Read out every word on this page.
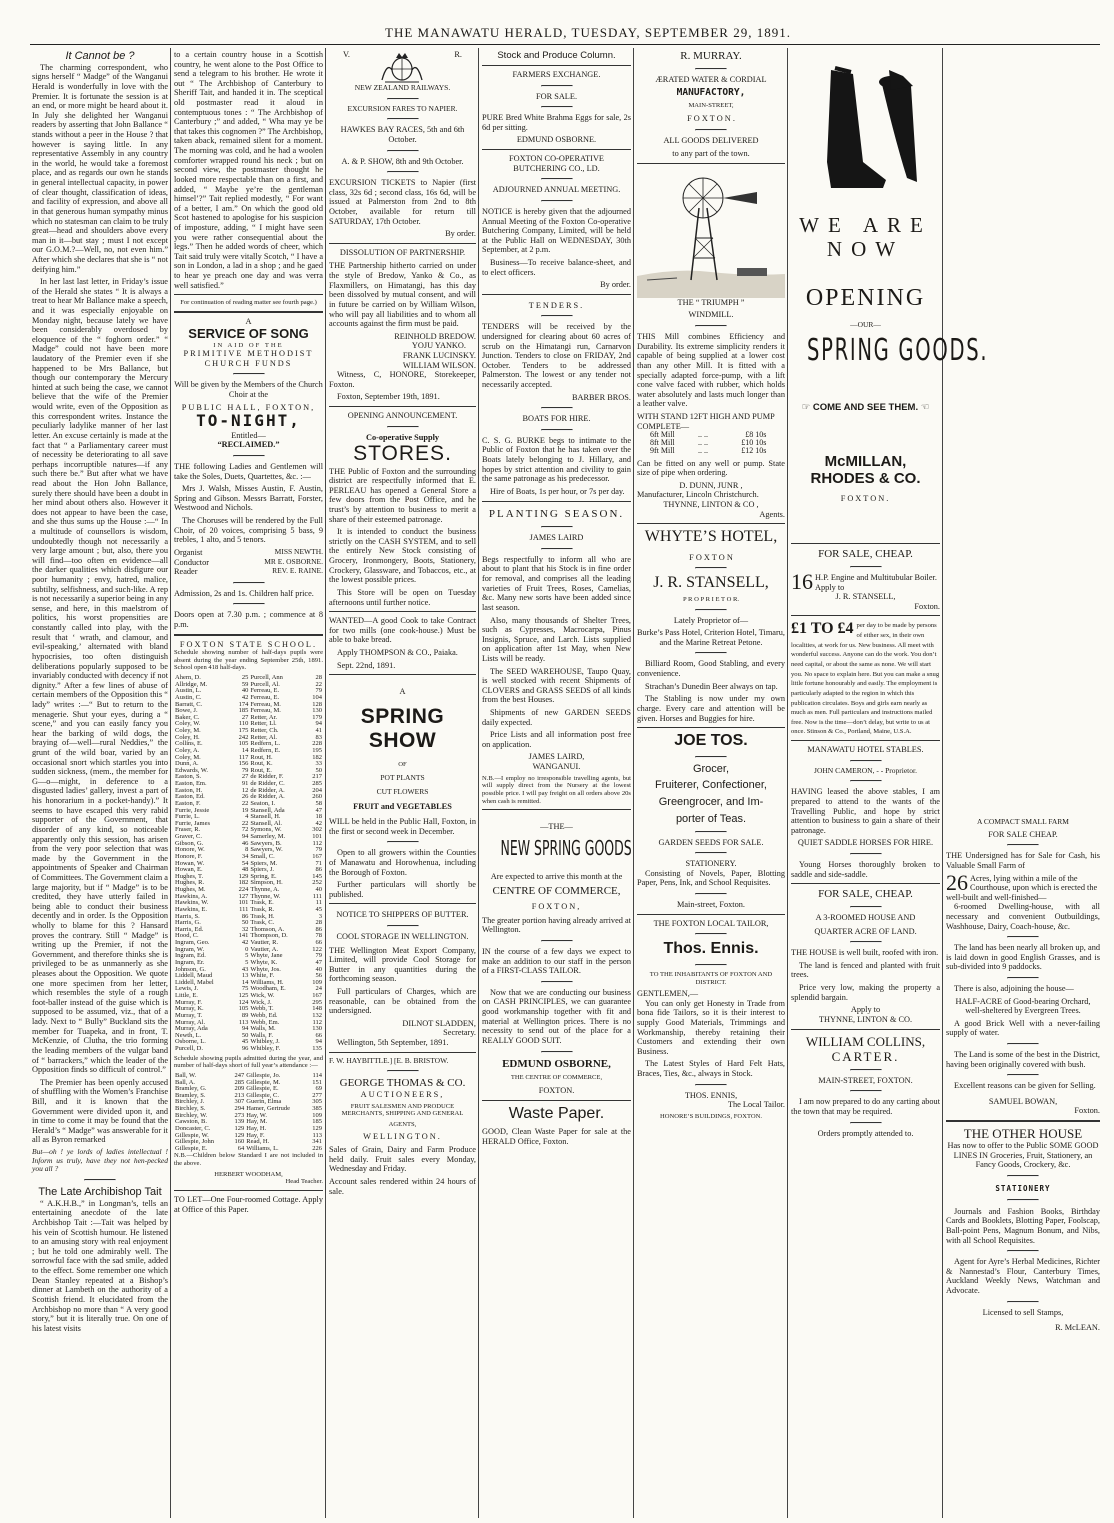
THE MANAWATU HERALD, TUESDAY, SEPTEMBER 29, 1891.
It Cannot be ?

The charming correspondent, who signs herself “ Madge” of the Wanganui Herald is wonderfully in love with the Premier. It is fortunate the session is at an end, or more might be heard about it. In July she delighted her Wanganui readers by asserting that John Ballance “ stands without a peer in the House ? that however is saying little. In any representative Assembly in any country in the world, he would take a foremost place, and as regards our own he stands in general intellectual capacity, in power of clear thought, classification of ideas, and facility of expression, and above all in that generous human sympathy minus which no statesman can claim to be truly great—head and shoulders above every man in it—but stay ; must I not except our G.O.M.?—Well, no, not even him.” After which she declares that she is “ not deifying him.”

In her last last letter, in Friday’s issue of the Herald she states “ It is always a treat to hear Mr Ballance make a speech, and it was especially enjoyable on Monday night, because lately we have been considerably overdosed by eloquence of the “ foghorn order.” “ Madge” could not have been more laudatory of the Premier even if she happened to be Mrs Ballance, but though our contemporary the Mercury hinted at such being the case, we cannot believe that the wife of the Premier would write, even of the Opposition as this correspondent writes. Instance the peculiarly ladylike manner of her last letter. An excuse certainly is made at the fact that “ a Parliamentary career must of necessity be deteriorating to all save perhaps incorruptible natures—if any such there be.” But after what we have read about the Hon John Ballance, surely there should have been a doubt in her mind about others also. However it does not appear to have been the case, and she thus sums up the House :—“ In a multitude of counsellors is wisdom, undoubtedly though not necessarily a very large amount ; but, also, there you will find—too often en evidence—all the darker qualities which disfigure our poor humanity ; envy, hatred, malice, subtilty, selfishness, and such-like. A rep is not necessarily a superior being in any sense, and here, in this maelstrom of politics, his worst propensities are constantly called into play, with the result that ‘ wrath, and clamour, and evil-speaking,’ alternated with bland hypocrisies, too often distinguish deliberations popularly supposed to be invariably conducted with decency if not dignity.” After a few lines of abuse of certain members of the Opposition this “ lady” writes :—“ But to return to the menagerie. Shut your eyes, during a “ scene,” and you can easily fancy you hear the barking of wild dogs, the braying of—well—rural Neddies,” the grunt of the wild boar, varied by an occasional snort which startles you into sudden sickness, (mem., the member for G—o—might, in deference to a disgusted ladies’ gallery, invest a part of his honorarium in a pocket-handy).” It seems to have escaped this very rabid supporter of the Government, that disorder of any kind, so noticeable apparently only this session, has arisen from the very poor selection that was made by the Government in the appointments of Speaker and Chairman of Committees. The Government claim a large majority, but if “ Madge” is to be credited, they have utterly failed in being able to conduct their business decently and in order. Is the Opposition wholly to blame for this ? Hansard proves the contrary. Still “ Madge” is writing up the Premier, if not the Government, and therefore thinks she is privileged to be as unmannerly as she pleases about the Opposition. We quote one more specimen from her letter, which resembles the style of a rough foot-baller instead of the guise which is supposed to be assumed, viz., that of a lady. Next to “ Bully” Buckland sits the member for Tuapeka, and in front, T. McKenzie, of Clutha, the trio forming the leading members of the vulgar band of “ barrackers,” which the leader of the Opposition finds so difficult of control.”

The Premier has been openly accused of shuffling with the Women’s Franchise Bill, and it is known that the Government were divided upon it, and in time to come it may be found that the Herald’s “ Madge” was answerable for it all as Byron remarked

But—oh ! ye lords of ladies intellectual ! Inform us truly, have they not hen-pecked you all ?

The Late Archibishop Tait

“ A.K.H.B.,” in Longman’s, tells an entertaining anecdote of the late Archbishop Tait :—Tait was helped by his vein of Scottish humour. He listened to an amusing story with real enjoyment ; but he told one admirably well. The sorrowful face with the sad smile, added to the effect. Some remember one which Dean Stanley repeated at a Bishop’s dinner at Lambeth on the authority of a Scottish friend. It elucidated from the Archbishop no more than “ A very good story,” but it is literally true. On one of his latest visits

to a certain country house in a Scottish country, he went alone to the Post Office to send a telegram to his brother. He wrote it out “ The Archbishop of Canterbury to Sheriff Tait, and handed it in. The sceptical old postmaster read it aloud in contemptuous tones : “ The Archbishop of Canterbury ;” and added, “ Wha may ye be that takes this cognomen ?” The Archbishop, taken aback, remained silent for a moment. The morning was cold, and he had a woolen comforter wrapped round his neck ; but on second view, the postmaster thought he looked more respectable than on a first, and added, “ Maybe ye’re the gentleman himsel’?” Tait replied modestly, “ For want of a better, I am.” On which the good old Scot hastened to apologise for his suspicion of imposture, adding, “ I might have seen you were rather consequential about the legs.” Then he added words of cheer, which Tait said truly were vitally Scotch, “ I have a son in London, a lad in a shop ; and he gaed to hear ye preach one day and was verra well satisfied.”

For continuation of reading matter see fourth page.)

A
SERVICE OF SONG
IN AID OF THE
PRIMITIVE METHODIST CHURCH FUNDS
Will be given by the Members of the Church Choir at the
PUBLIC HALL, FOXTON,
TO-NIGHT,
Entitled—
“RECLAIMED.”

THE following Ladies and Gentlemen will take the Soles, Duets, Quartettes, &c. :—

Mrs J. Walsh, Misses Austin, F. Austin, Spring and Gibson. Messrs Barratt, Forster, Westwood and Nichols.

The Choruses will be rendered by the Full Choir, of 20 voices, comprising 5 bass, 9 trebles, 1 alto, and 5 tenors.

Organist	MISS NEWTH.
Conductor	MR E. OSBORNE.
Reader	REV. E. RAINE.

Admission, 2s and 1s. Children half price.

Doors open at 7.30 p.m. ; commence at 8 p.m.

FOXTON STATE SCHOOL.

Schedule showing number of half-days pupils were absent during the year ending September 25th, 1891. School open 418 half-days.

Ahern, D.	25	Purcell, Ann	28
Allridge, M.	59	Purcell, Al.	22
Austin, L.	40	Ferreau, E.	79
Austin, C.	42	Ferreau, E.	104
Barratt, C.	174	Ferreau, M.	128
Bowe, J.	185	Ferreau, M.	130
Baker, C.	27	Retter, Ar.	179
Coley, W.	110	Retter, Ll.	94
Coley, M.	175	Retter, Ch.	41
Coley, H.	242	Retter, Al.	83
Collins, E.	105	Redfern, L.	228
Coley, A.	14	Redfern, E.	195
Coley, M.	117	Rout, H.	182
Dunn, A.	156	Rout, K.	33
Edwards, W.	79	Rout, E.	50
Easton, S.	27	de Ridder, F.	217
Easton, Em.	91	de Ridder, C.	285
Easton, H.	12	de Ridder, A.	204
Easton, Ed.	26	de Ridder, A.	260
Easton, F.	22	Seaton, I.	58
Furrie, Jessie	19	Stansell, Ada	47
Furrie, L.	4	Stansell, H.	18
Furrie, James	22	Stansell, Al.	42
Fraser, R.	72	Symons, W.	302
Graver, C.	94	Samerley, M.	101
Gibson, G.	46	Sawyers, B.	112
Honore, W.	8	Sawyers, W.	79
Honore, F.	34	Small, C.	167
Howan, W.	54	Spiers, M.	71
Howan, E.	48	Spiers, J.	86
Hughes, T.	129	Spring, E.	145
Hughes, R.	182	Simpson, H.	252
Hughes, M.	224	Thynne, A.	40
Hawkins, A.	127	Thynne, W.	111
Hawkins, W.	101	Trask, E.	11
Hawkins, E.	111	Trask, R.	45
Harris, S.	86	Trask, H.	3
Harris, G.	50	Trask, C.	28
Harris, Ed.	32	Thomson, A.	86
Hood, C.	141	Thompson, D.	78
Ingram, Geo.	42	Vautier, R.	66
Ingram, W.	0	Vautier, A.	122
Ingram, Ed.	5	Whyte, Jane	79
Ingram, Er.	5	Whyte, K.	47
Johnson, G.	43	Whyte, Jos.	40
Liddell, Maud	13	White, F.	56
Liddell, Mabel	14	Williams, H.	109
Lewis, J.	75	Woodham, E.	24
Little, E.	125	Wick, W.	167
Murray, F.	124	Wick, J.	295
Murray, K.	105	Webb, T.	148
Murray, T.	89	Webb, Ed.	132
Murray, Al.	113	Webb, Em.	112
Murray, Ada	94	Walls, M.	130
Newth, L.	50	Walls, F.	66
Osborne, L.	45	Whibley, J.	94
Purcell, D.	96	Whibley, F.	135

Schedule showing pupils admitted during the year, and number of half-days short of full year’s attendance :—

Ball, W.	247	Gillespie, Jo.	114
Ball, A.	285	Gillespie, M.	151
Bramley, G.	209	Gillespie, E.	69
Bramley, S.	213	Gillespie, C.	277
Birchley, J.	307	Guerin, Elma	305
Birchley, S.	294	Hamer, Gertrude	385
Birchley, W.	273	Hay, W.	109
Cawston, B.	139	Hay, M.	185
Doncaster, C.	129	Hay, H.	129
Gillespie, W.	129	Hay, F.	113
Gillespie, John	160	Read, H.	341
Gillespie, E.	64	Williams, L.	226

N.B.—Children below Standard I are not included in the above.

HERBERT WOODHAM,
Head Teacher.

TO LET—One Four-roomed Cottage. Apply at Office of this Paper.

V.	R.
NEW ZEALAND RAILWAYS.
EXCURSION FARES TO NAPIER.
HAWKES BAY RACES, 5th and 6th October.
A. & P. SHOW, 8th and 9th October.

EXCURSION TICKETS to Napier (first class, 32s 6d ; second class, 16s 6d, will be issued at Palmerston from 2nd to 8th October, available for return till SATURDAY, 17th October.

By order.
DISSOLUTION OF PARTNERSHIP.

THE Partnership hitherto carried on under the style of Bredow, Yanko & Co., as Flaxmillers, on Himatangi, has this day been dissolved by mutual consent, and will in future be carried on by William Wilson, who will pay all liabilities and to whom all accounts against the firm must be paid.

REINHOLD BREDOW.
YOJU YANKO.
FRANK LUCINSKY.
WILLIAM WILSON.

Witness, C, HONORE, Storekeeper, Foxton.

Foxton, September 19th, 1891.

OPENING ANNOUNCEMENT.
Co-operative Supply
STORES.

THE Public of Foxton and the surrounding district are respectfully informed that E. PERLEAU has opened a General Store a few doors from the Post Office, and he trust’s by attention to business to merit a share of their esteemed patronage.

It is intended to conduct the business strictly on the CASH SYSTEM, and to sell the entirely New Stock consisting of Grocery, Ironmongery, Boots, Stationery, Crockery, Glassware, and Tobaccos, etc., at the lowest possible prices.

This Store will be open on Tuesday afternoons until further notice.

WANTED—A good Cook to take Contract for two mills (one cook-house.) Must be able to bake bread.

Apply THOMPSON & CO., Paiaka.

Sept. 22nd, 1891.

A
SPRING SHOW
OF
POT PLANTS
CUT FLOWERS
FRUIT and VEGETABLES

WILL be held in the Public Hall, Foxton, in the first or second week in December.

Open to all growers within the Counties of Manawatu and Horowhenua, including the Borough of Foxton.

Further particulars will shortly be published.

NOTICE TO SHIPPERS OF BUTTER.
COOL STORAGE IN WELLINGTON.

THE Wellington Meat Export Company, Limited, will provide Cool Storage for Butter in any quantities during the forthcoming season.

Full particulars of Charges, which are reasonable, can be obtained from the undersigned.

DILNOT SLADDEN,
Secretary.

Wellington, 5th September, 1891.

F. W. HAYBITTLE.] [E. B. BRISTOW.
GEORGE THOMAS & CO.
AUCTIONEERS,
FRUIT SALESMEN AND PRODUCE MERCHANTS, SHIPPING AND GENERAL
AGENTS,
WELLINGTON.

Sales of Grain, Dairy and Farm Produce held daily. Fruit sales every Monday, Wednesday and Friday.

Account sales rendered within 24 hours of sale.

Stock and Produce Column.
FARMERS EXCHANGE.
FOR SALE.

PURE Bred White Brahma Eggs for sale, 2s 6d per sitting.

EDMUND OSBORNE.
FOXTON CO-OPERATIVE BUTCHERING CO., LD.
ADJOURNED ANNUAL MEETING.

NOTICE is hereby given that the adjourned Annual Meeting of the Foxton Co-operative Butchering Company, Limited, will be held at the Public Hall on WEDNESDAY, 30th September, at 2 p.m.

Business—To receive balance-sheet, and to elect officers.

By order.
TENDERS.

TENDERS will be received by the undersigned for clearing about 60 acres of scrub on the Himatangi run, Carnarvon Junction. Tenders to close on FRIDAY, 2nd October. Tenders to be addressed Palmerston. The lowest or any tender not necessarily accepted.

BARBER BROS.
BOATS FOR HIRE.

C. S. G. BURKE begs to intimate to the Public of Foxton that he has taken over the Boats lately belonging to J. Hillary, and hopes by strict attention and civility to gain the same patronage as his predecessor.

Hire of Boats, 1s per hour, or 7s per day.

PLANTING SEASON.
JAMES LAIRD

Begs respectfully to inform all who are about to plant that his Stock is in fine order for removal, and comprises all the leading varieties of Fruit Trees, Roses, Camelias, &c. Many new sorts have been added since last season.

Also, many thousands of Shelter Trees, such as Cypresses, Macrocarpa, Pinus Insignis, Spruce, and Larch. Lists supplied on application after 1st May, when New Lists will be ready.

The SEED WAREHOUSE, Taupo Quay, is well stocked with recent Shipments of CLOVERS and GRASS SEEDS of all kinds from the best Houses.

Shipments of new GARDEN SEEDS daily expected.

Price Lists and all information post free on application.

JAMES LAIRD,
WANGANUI.

N.B.—I employ no irresponsible travelling agents, but will supply direct from the Nursery at the lowest possible price. I will pay freight on all orders above 20s when cash is remitted.

—THE—
NEW SPRING GOODS

Are expected to arrive this month at the

CENTRE OF COMMERCE,
FOXTON,

The greater portion having already arrived at Wellington.

IN the course of a few days we expect to make an addition to our staff in the person of a FIRST-CLASS TAILOR.

Now that we are conducting our business on CASH PRINCIPLES, we can guarantee good workmanship together with fit and material at Wellington prices. There is no necessity to send out of the place for a REALLY GOOD SUIT.

EDMUND OSBORNE,
THE CENTRE OF COMMERCE,
FOXTON.
Waste Paper.

GOOD, Clean Waste Paper for sale at the HERALD Office, Foxton.

R. MURRAY.
ÆRATED WATER & CORDIAL
MANUFACTORY,
MAIN-STREET,
F O X T O N .
ALL GOODS DELIVERED
to any part of the town.
THE “ TRIUMPH ”
WINDMILL.

THIS Mill combines Efficiency and Durability. Its extreme simplicity renders it capable of being supplied at a lower cost than any other Mill. It is fitted with a specially adapted force-pump, with a lift cone valve faced with rubber, which holds water absolutely and lasts much longer than a leather valve.

WITH STAND 12FT HIGH AND PUMP COMPLETE—
6ft Mill	.. ..	£8 10s
8ft Mill	.. ..	£10 10s
9ft Mill	.. ..	£12 10s

Can be fitted on any well or pump. State size of pipe when ordering.

D. DUNN, JUNR ,
Manufacturer, Lincoln Christchurch.
THYNNE, LINTON & CO ,
Agents.
WHYTE’S HOTEL,
F O X T O N
J. R. STANSELL,
P R O P R I E T O R.
Lately Proprietor of—

Burke’s Pass Hotel, Criterion Hotel, Timaru, and the Marine Retreat Petone.

Billiard Room, Good Stabling, and every convenience.

Strachan’s Dunedin Beer always on tap.

The Stabling is now under my own charge. Every care and attention will be given. Horses and Buggies for hire.

JOE TOS.
Grocer,
Fruiterer, Confectioner,
Greengrocer, and Im-
porter of Teas.
GARDEN SEEDS FOR SALE.
STATIONERY.

Consisting of Novels, Paper, Blotting Paper, Pens, Ink, and School Requisites.

Main-street, Foxton.
THE FOXTON LOCAL TAILOR,
Thos. Ennis.
TO THE INHABITANTS OF FOXTON AND DISTRICT.
GENTLEMEN,—

You can only get Honesty in Trade from bona fide Tailors, so it is their interest to supply Good Materials, Trimmings and Workmanship, thereby retaining their Customers and extending their own Business.

The Latest Styles of Hard Felt Hats, Braces, Ties, &c., always in Stock.

THOS. ENNIS,
The Local Tailor.
HONORE’S BUILDINGS, FOXTON.
WE ARE NOW
OPENING
—OUR—
SPRING GOODS.
☞ COME AND SEE THEM. ☜
McMILLAN, RHODES & CO.
FOXTON.
FOR SALE, CHEAP.
16 H.P. Engine and Multitubular Boiler. Apply to
J. R. STANSELL,
Foxton.
£1 TO £4 per day to be made by persons of either sex, in their own localities, at work for us. New business. All meet with wonderful success. Anyone can do the work. You don’t need capital, or about the same as none. We will start you. No space to explain here. But you can make a snug little fortune honourably and easily. The employment is particularly adapted to the region in which this publication circulates. Boys and girls earn nearly as much as men. Full particulars and instructions mailed free. Now is the time—don’t delay, but write to us at once. Stinson & Co., Portland, Maine, U.S.A.
MANAWATU HOTEL STABLES.
JOHN CAMERON, - - Proprietor.

HAVING leased the above stables, I am prepared to attend to the wants of the Travelling Public, and hope by strict attention to business to gain a share of their patronage.

QUIET SADDLE HORSES FOR HIRE.

Young Horses thoroughly broken to saddle and side-saddle.

FOR SALE, CHEAP.
A 3-ROOMED HOUSE AND
QUARTER ACRE OF LAND.

THE HOUSE is well built, roofed with iron.

The land is fenced and planted with fruit trees.

Price very low, making the property a splendid bargain.

Apply to
THYNNE, LINTON & CO.
WILLIAM COLLINS,
CARTER.
MAIN-STREET, FOXTON.

I am now prepared to do any carting about the town that may be required.

Orders promptly attended to.
A COMPACT SMALL FARM
FOR SALE CHEAP.

THE Undersigned has for Sale for Cash, his Valuable Small Farm of

26 Acres, lying within a mile of the Courthouse, upon which is erected the well-built and well-finished—

6-roomed Dwelling-house, with all necessary and convenient Outbuildings, Washhouse, Dairy, Coach-house, &c.

The land has been nearly all broken up, and is laid down in good English Grasses, and is sub-divided into 9 paddocks.

There is also, adjoining the house—

HALF-ACRE of Good-bearing Orchard, well-sheltered by Evergreen Trees.

A good Brick Well with a never-failing supply of water.

The Land is some of the best in the District, having been originally covered with bush.

Excellent reasons can be given for Selling.

SAMUEL BOWAN,
Foxton.
THE OTHER HOUSE

Has now to offer to the Public SOME GOOD LINES IN Groceries, Fruit, Stationery, an Fancy Goods, Crockery, &c.

STATIONERY

Journals and Fashion Books, Birthday Cards and Booklets, Blotting Paper, Foolscap, Ball-point Pens, Magnum Bonum, and Nibs, with all School Requisites.

Agent for Ayre’s Herbal Medicines, Richter & Nannestad’s Flour, Canterbury Times, Auckland Weekly News, Watchman and Advocate.

Licensed to sell Stamps,
R. McLEAN.
